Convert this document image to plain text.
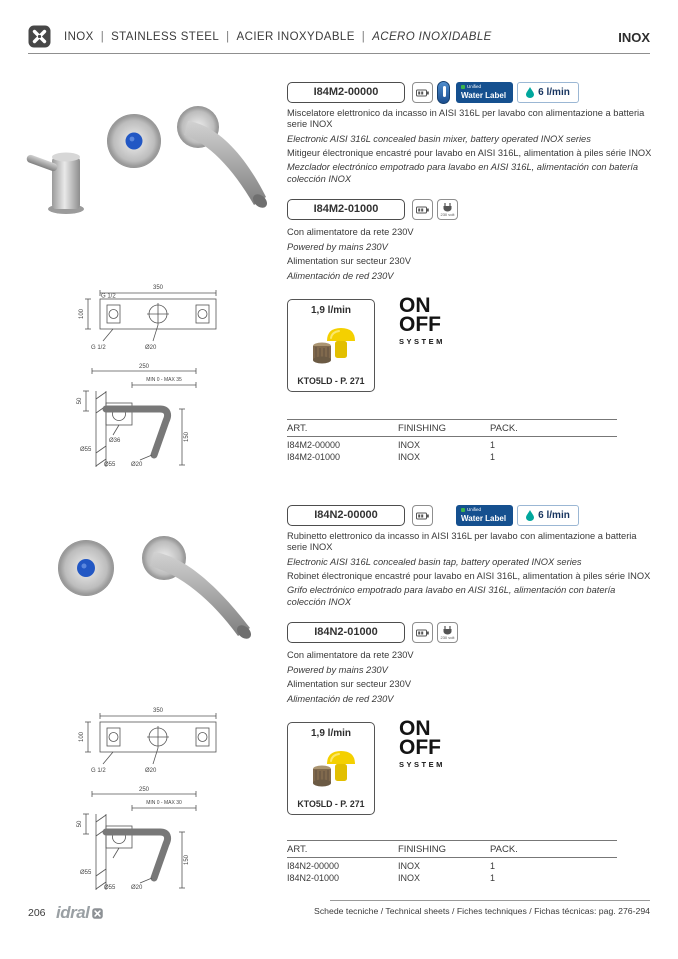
INOX | STAINLESS STEEL | ACIER INOXYDABLE | ACERO INOXIDABLE	INOX
I84M2-00000	Unified
Water Label	6 l/min

Miscelatore elettronico da incasso in AISI 316L per lavabo con alimentazione a batteria serie INOX

Electronic AISI 316L concealed basin mixer, battery operated INOX series

Mitigeur électronique encastré pour lavabo en AISI 316L, alimentation à piles série INOX

Mezclador electrónico empotrado para lavabo en AISI 316L, alimentación con batería colección INOX

I84M2-01000	230 volt

Con alimentatore da rete 230V

Powered by mains 230V

Alimentation sur secteur 230V

Alimentación de red 230V

350
100
G 1/2
G 1/2	Ø20
250
MIN 0 - MAX 35
50
Ø36
Ø55
Ø55	Ø20
150
1,9 l/min
KTO5LD - P. 271
ON
OFF
SYSTEM
ART.	FINISHING	PACK.
I84M2-00000	INOX	1
I84M2-01000	INOX	1
I84N2-00000	Unified
Water Label	6 l/min

Rubinetto elettronico da incasso in AISI 316L per lavabo con alimentazione a batteria serie INOX

Electronic AISI 316L concealed basin tap, battery operated INOX series

Robinet électronique encastré pour lavabo en AISI 316L, alimentation à piles série INOX

Grifo electrónico empotrado para lavabo en AISI 316L, alimentación con batería colección INOX

I84N2-01000	230 volt

Con alimentatore da rete 230V

Powered by mains 230V

Alimentation sur secteur 230V

Alimentación de red 230V

350
100
G 1/2	Ø20
250
MIN 0 - MAX 30
50
Ø55
Ø55	Ø20
150
1,9 l/min
KTO5LD - P. 271
ON
OFF
SYSTEM
ART.	FINISHING	PACK.
I84N2-00000	INOX	1
I84N2-01000	INOX	1
206 idral	Schede tecniche / Technical sheets / Fiches techniques / Fichas técnicas: pag. 276-294
